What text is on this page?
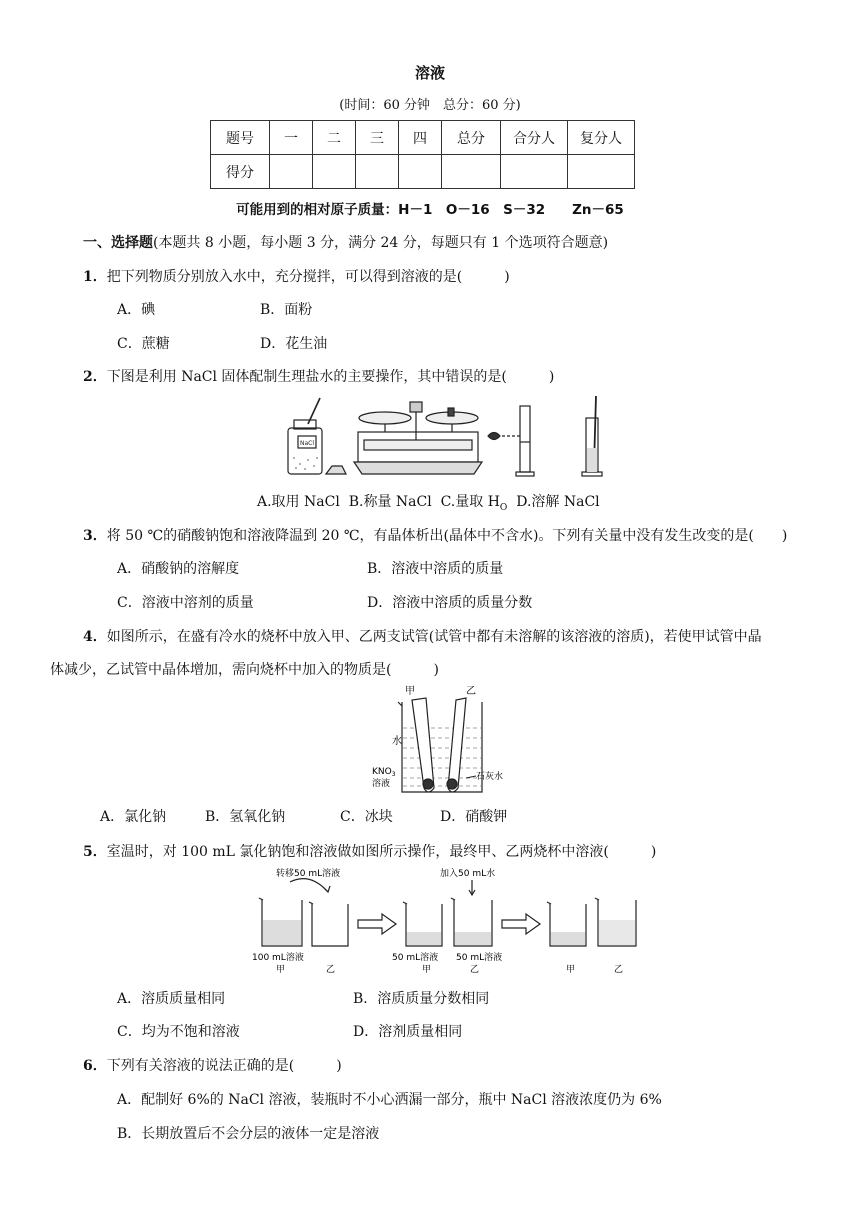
溶液
(时间：60 分钟　总分：60 分)
题号	一	二	三	四	总分	合分人	复分人
得分							
可能用到的相对原子质量：H－1　O－16　S－32　　Zn－65
一、选择题(本题共 8 小题，每小题 3 分，满分 24 分，每题只有 1 个选项符合题意)
1．把下列物质分别放入水中，充分搅拌，可以得到溶液的是(　　　)
A．碘	B．面粉
C．蔗糖	D．花生油
2．下图是利用 NaCl 固体配制生理盐水的主要操作，其中错误的是(　　　)
NaCl
A.取用 NaCl B.称量 NaCl C.量取 $H_O$ D.溶解 NaCl
3．将 50 ℃的硝酸钠饱和溶液降温到 20 ℃，有晶体析出(晶体中不含水)。下列有关量中没有发生改变的是(　　)
A．硝酸钠的溶解度	B．溶液中溶质的质量
C．溶液中溶剂的质量	D．溶液中溶质的质量分数
4．如图所示，在盛有冷水的烧杯中放入甲、乙两支试管(试管中都有未溶解的该溶液的溶质)，若使甲试管中晶
体减少，乙试管中晶体增加，需向烧杯中加入的物质是(　　　)
甲	乙
水
$KNO_3$
溶液
石灰水
A．氯化钠	B．氢氧化钠	C．冰块	D．硝酸钾
5．室温时，对 100 mL 氯化钠饱和溶液做如图所示操作，最终甲、乙两烧杯中溶液(　　　)
转移50 mL溶液	加入50 mL水
100 mL溶液
甲	乙
50 mL溶液 50 mL溶液
甲	乙	甲	乙
A．溶质质量相同	B．溶质质量分数相同
C．均为不饱和溶液	D．溶剂质量相同
6．下列有关溶液的说法正确的是(　　　)
A．配制好 6%的 NaCl 溶液，装瓶时不小心洒漏一部分，瓶中 NaCl 溶液浓度仍为 6%
B．长期放置后不会分层的液体一定是溶液
